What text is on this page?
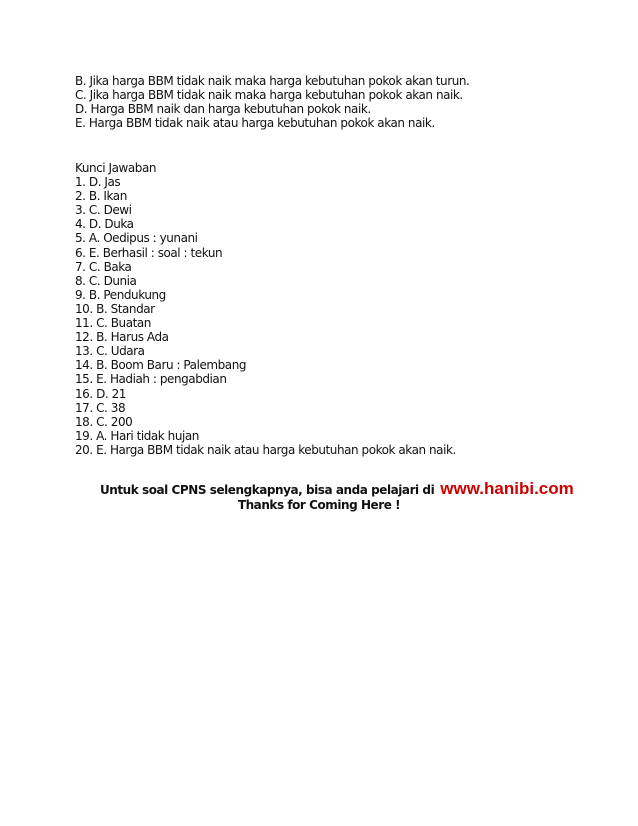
B. Jika harga BBM tidak naik maka harga kebutuhan pokok akan turun.
C. Jika harga BBM tidak naik maka harga kebutuhan pokok akan naik.
D. Harga BBM naik dan harga kebutuhan pokok naik.
E. Harga BBM tidak naik atau harga kebutuhan pokok akan naik.
Kunci Jawaban
1. D. Jas
2. B. Ikan
3. C. Dewi
4. D. Duka
5. A. Oedipus : yunani
6. E. Berhasil : soal : tekun
7. C. Baka
8. C. Dunia
9. B. Pendukung
10. B. Standar
11. C. Buatan
12. B. Harus Ada
13. C. Udara
14. B. Boom Baru : Palembang
15. E. Hadiah : pengabdian
16. D. 21
17. C. 38
18. C. 200
19. A. Hari tidak hujan
20. E. Harga BBM tidak naik atau harga kebutuhan pokok akan naik.
Untuk soal CPNS selengkapnya, bisa anda pelajari di www.hanibi.com
Thanks for Coming Here !
